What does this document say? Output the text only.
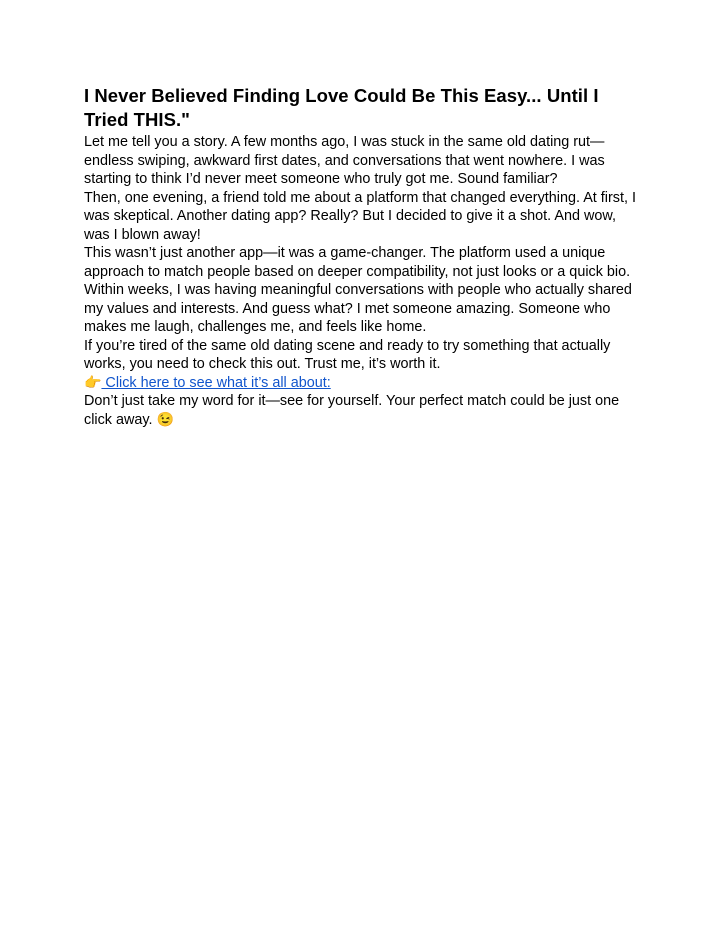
I Never Believed Finding Love Could Be This Easy... Until I Tried THIS."

Let me tell you a story. A few months ago, I was stuck in the same old dating rut—endless swiping, awkward first dates, and conversations that went nowhere. I was starting to think I’d never meet someone who truly got me. Sound familiar?

Then, one evening, a friend told me about a platform that changed everything. At first, I was skeptical. Another dating app? Really? But I decided to give it a shot. And wow, was I blown away!

This wasn’t just another app—it was a game-changer. The platform used a unique approach to match people based on deeper compatibility, not just looks or a quick bio. Within weeks, I was having meaningful conversations with people who actually shared my values and interests. And guess what? I met someone amazing. Someone who makes me laugh, challenges me, and feels like home.

If you’re tired of the same old dating scene and ready to try something that actually works, you need to check this out. Trust me, it’s worth it.

👉 Click here to see what it’s all about:

Don’t just take my word for it—see for yourself. Your perfect match could be just one click away. 😉
